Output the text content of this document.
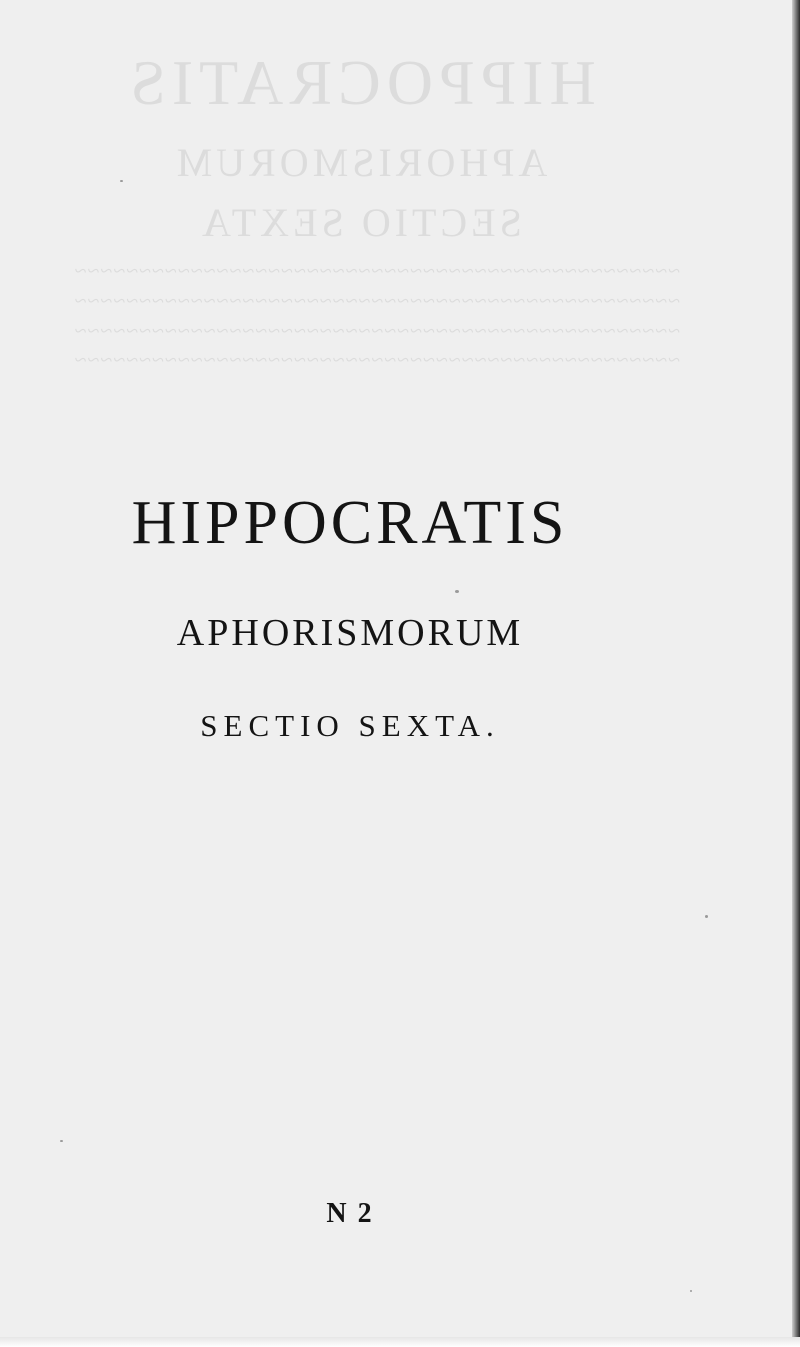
HIPPOCRATIS
APHORISMORUM
SECTIO SEXTA
~~~~~~~~~~~~~~~~~~~~~~~~~~~~~~~~~~~~~~~~~~~~~~~
~~~~~~~~~~~~~~~~~~~~~~~~~~~~~~~~~~~~~~~~~~~~~~~
~~~~~~~~~~~~~~~~~~~~~~~~~~~~~~~~~~~~~~~~~~~~~~~
~~~~~~~~~~~~~~~~~~~~~~~~~~~~~~~~~~~~~~~~~~~~~~~
HIPPOCRATIS
APHORISMORUM
SECTIO SEXTA.
N 2
